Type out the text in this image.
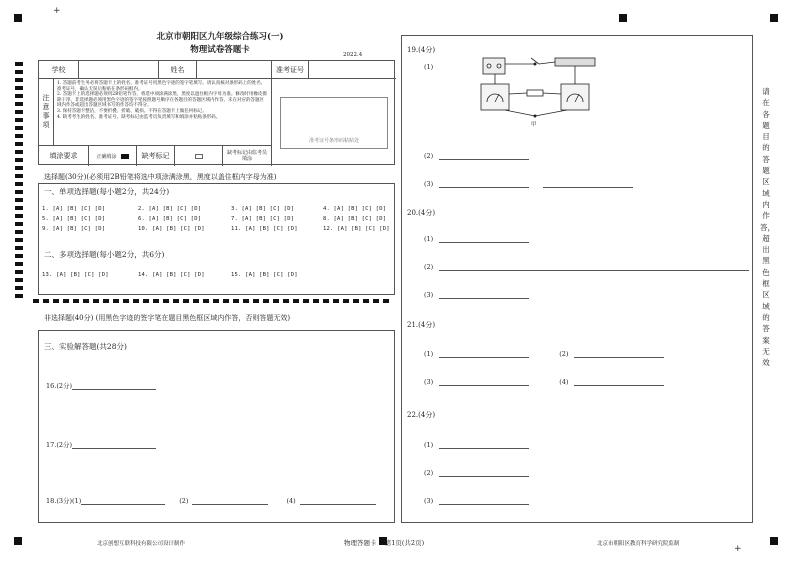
+
+
北京市朝阳区九年级综合练习(一)
物理试卷答题卡	2022.4
学校	姓名	准考证号
注意事项
1. 答题前考生务必将答题卡上的姓名、准考证号用黑色字迹的签字笔填写。请认真核对条形码上的姓名、准考证号，确认无误后粘贴在条形码框内。
2. 答题卡上的选择题必须用2B铅笔作答，将选中项涂满涂黑，黑度以遮住框内字母为准。修改时用橡皮擦除干净。非选择题必须用黑色字迹的签字笔按照题号顺序在各题目的答题区域内作答，未在对应的答题区域内作答或超出答题区域书写的作答均不得分。
3. 保持答题卡整洁，不要折叠、折破、破损。不得在答题卡上做任何标记。
4. 缺考考生的姓名、准考证号、缺考标记由监考员负责填写和填涂并粘贴条形码。
准考证号条形码粘贴处
填涂要求	正确填涂	缺考标记	缺考标记由监考员填涂
选择题(30分)(必须用2B铅笔将选中项涂满涂黑，黑度以盖住框内字母为准)
一、单项选择题(每小题2分，共24分)
1. [A] [B] [C] [D]	2. [A] [B] [C] [D]	3. [A] [B] [C] [D]	4. [A] [B] [C] [D]
5. [A] [B] [C] [D]	6. [A] [B] [C] [D]	7. [A] [B] [C] [D]	8. [A] [B] [C] [D]
9. [A] [B] [C] [D]	10. [A] [B] [C] [D]	11. [A] [B] [C] [D]	12. [A] [B] [C] [D]
二、多项选择题(每小题2分，共6分)
13. [A] [B] [C] [D]	14. [A] [B] [C] [D]	15. [A] [B] [C] [D]
非选择题(40分) (用黑色字迹的签字笔在题目黑色框区域内作答，否则答题无效)
三、实验解答题(共28分)
16.(2分)
17.(2分)
18.(3分)(1)	(2)	(4)
19.(4分)
(1)
甲
(2)
(3)
20.(4分)
(1)
(2)
(3)
21.(4分)
(1)	(2)
(3)	(4)
22.(4分)
(1)
(2)
(3)
请在各题目的答题区域内作答，超出黑色框区域的答案无效
北京创想互联科技有限公司设计制作	物理答题卡    第1页(共2页)	北京市朝阳区教育科学研究院监制
